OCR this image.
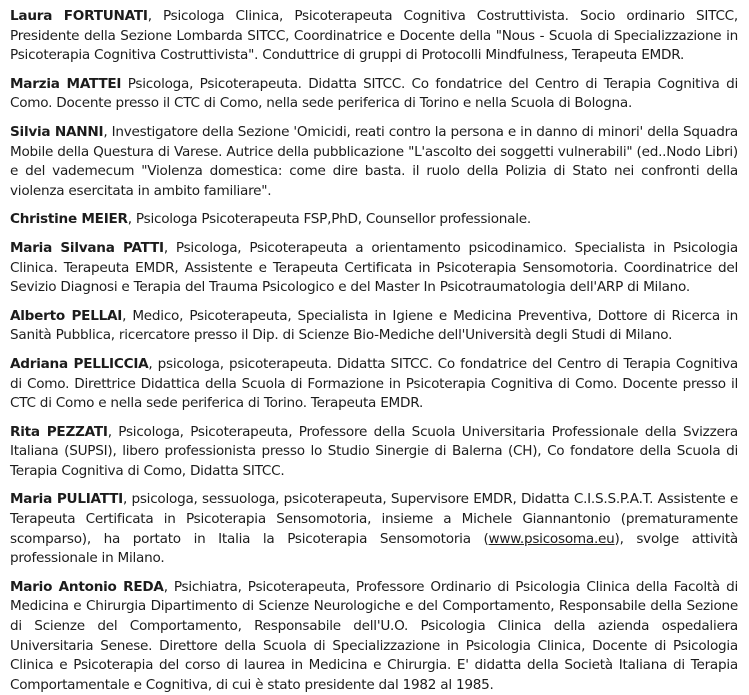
Laura FORTUNATI, Psicologa Clinica, Psicoterapeuta Cognitiva Costruttivista. Socio ordinario SITCC, Presidente della Sezione Lombarda SITCC, Coordinatrice e Docente della "Nous - Scuola di Specializzazione in Psicoterapia Cognitiva Costruttivista". Conduttrice di gruppi di Protocolli Mindfulness, Terapeuta EMDR.

Marzia MATTEI Psicologa, Psicoterapeuta. Didatta SITCC. Co fondatrice del Centro di Terapia Cognitiva di Como. Docente presso il CTC di Como, nella sede periferica di Torino e nella Scuola di Bologna.

Silvia NANNI, Investigatore della Sezione 'Omicidi, reati contro la persona e in danno di minori' della Squadra Mobile della Questura di Varese. Autrice della pubblicazione "L'ascolto dei soggetti vulnerabili" (ed..Nodo Libri) e del vademecum "Violenza domestica: come dire basta. il ruolo della Polizia di Stato nei confronti della violenza esercitata in ambito familiare".

Christine MEIER, Psicologa Psicoterapeuta FSP,PhD, Counsellor professionale.

Maria Silvana PATTI, Psicologa, Psicoterapeuta a orientamento psicodinamico. Specialista in Psicologia Clinica. Terapeuta EMDR, Assistente e Terapeuta Certificata in Psicoterapia Sensomotoria. Coordinatrice del Sevizio Diagnosi e Terapia del Trauma Psicologico e del Master In Psicotraumatologia dell'ARP di Milano.

Alberto PELLAI, Medico, Psicoterapeuta, Specialista in Igiene e Medicina Preventiva, Dottore di Ricerca in Sanità Pubblica, ricercatore presso il Dip. di Scienze Bio-Mediche dell'Università degli Studi di Milano.

Adriana PELLICCIA, psicologa, psicoterapeuta. Didatta SITCC. Co fondatrice del Centro di Terapia Cognitiva di Como. Direttrice Didattica della Scuola di Formazione in Psicoterapia Cognitiva di Como. Docente presso il CTC di Como e nella sede periferica di Torino. Terapeuta EMDR.

Rita PEZZATI, Psicologa, Psicoterapeuta, Professore della Scuola Universitaria Professionale della Svizzera Italiana (SUPSI), libero professionista presso lo Studio Sinergie di Balerna (CH), Co fondatore della Scuola di Terapia Cognitiva di Como, Didatta SITCC.

Maria PULIATTI, psicologa, sessuologa, psicoterapeuta, Supervisore EMDR, Didatta C.I.S.S.P.A.T. Assistente e Terapeuta Certificata in Psicoterapia Sensomotoria, insieme a Michele Giannantonio (prematuramente scomparso), ha portato in Italia la Psicoterapia Sensomotoria (www.psicosoma.eu), svolge attività professionale in Milano.

Mario Antonio REDA, Psichiatra, Psicoterapeuta, Professore Ordinario di Psicologia Clinica della Facoltà di Medicina e Chirurgia Dipartimento di Scienze Neurologiche e del Comportamento, Responsabile della Sezione di Scienze del Comportamento, Responsabile dell'U.O. Psicologia Clinica della azienda ospedaliera Universitaria Senese. Direttore della Scuola di Specializzazione in Psicologia Clinica, Docente di Psicologia Clinica e Psicoterapia del corso di laurea in Medicina e Chirurgia. E' didatta della Società Italiana di Terapia Comportamentale e Cognitiva, di cui è stato presidente dal 1982 al 1985.
